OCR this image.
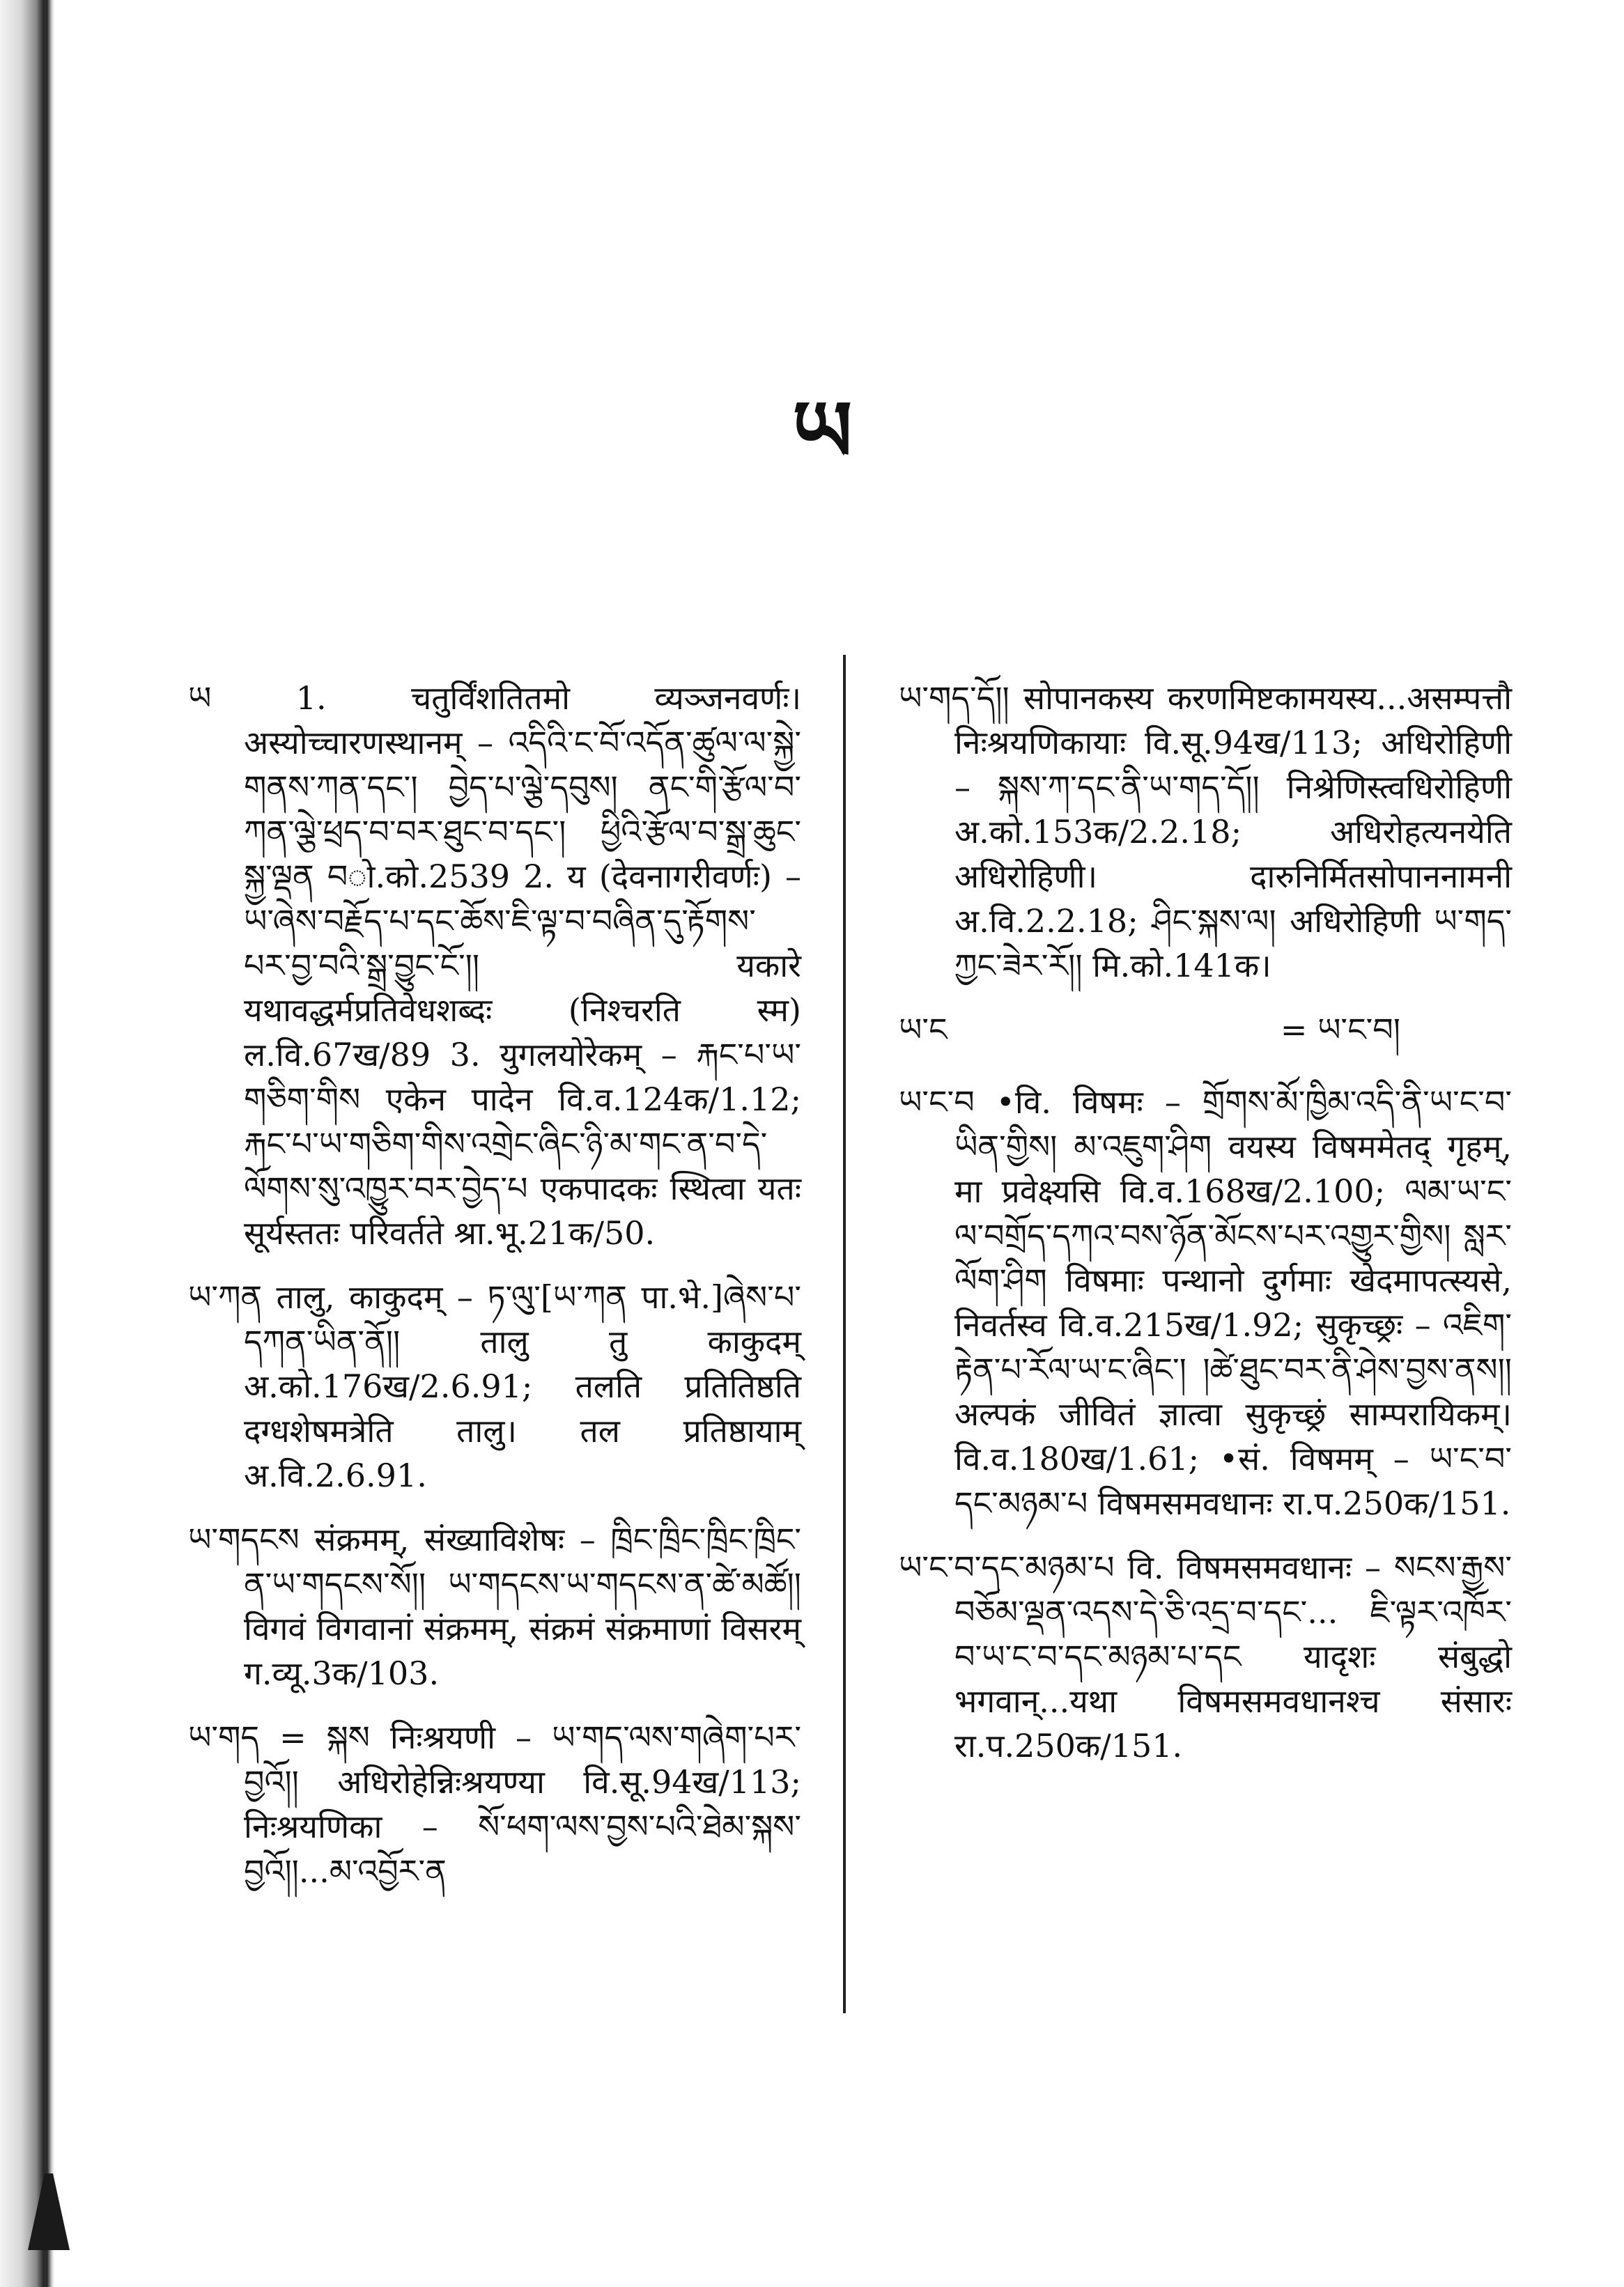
ཡ

ཡ	1. चतुर्विंशतितमो व्यञ्जनवर्णः। अस्योच्चारणस्थानम् – འདིའི་ང་བོ་འདོན་ཚུལ་ལ་སྐྱེ་གནས་ཀན་དང་། བྱེད་པ་ལྕེ་དབུས། ནང་གི་རྩོལ་བ་ཀན་ལྕེ་ཕྲད་བ་བར་ཐུང་བ་དང་། ཕྱིའི་རྩོལ་བ་སྒྲ་ཆུང་སྐྱ་ལྡན བो.को.2539 2. य (देवनागरीवर्णः) – ཡ་ཞེས་བརྗོད་པ་དང་ཆོས་ཇི་ལྟ་བ་བཞིན་དུ་རྟོགས་པར་བྱ་བའི་སྒྲ་བྱུང་ངོ་།། यकारे यथावद्धर्मप्रतिवेधशब्दः (निश्चरति स्म) ल.वि.67ख/89 3. युगलयोरेकम् – རྐང་པ་ཡ་གཅིག་གིས एकेन पादेन वि.व.124क/1.12; རྐང་པ་ཡ་གཅིག་གིས་འགྲེང་ཞིང་ཉི་མ་གང་ན་བ་དེ་ལོགས་སུ་འཁྱུར་བར་བྱེད་པ एकपादकः स्थित्वा यतः सूर्यस्ततः परिवर्तते श्रा.भू.21क/50.

ཡ་ཀན तालु, काकुदम् – ཏ་ལུ་[ཡ་ཀན पा.भे.]ཞེས་པ་དཀན་ཡིན་ནོ།། तालु तु काकुदम् अ.को.176ख/2.6.91; तलति प्रतितिष्ठति दग्धशेषमत्रेति तालु। तल प्रतिष्ठायाम् अ.वि.2.6.91.

ཡ་གདངས संक्रमम्, संख्याविशेषः – ཁྲིང་ཁྲིང་ཁྲིང་ཁྲིང་ན་ཡ་གདངས་སོ།། ཡ་གདངས་ཡ་གདངས་ན་ཚེ་མཚོ།། विगवं विगवानां संक्रमम्, संक्रमं संक्रमाणां विसरम् ग.व्यू.3क/103.

ཡ་གད = སྐས निःश्रयणी – ཡ་གད་ལས་གཞེག་པར་བྱའོ།། अधिरोहेन्निःश्रयण्या वि.सू.94ख/113; निःश्रयणिका – སོ་ཕག་ལས་བྱས་པའི་ཐེམ་སྐས་བྱའོ།།...མ་འབྱོར་ན

ཡ་གད་དོ།། सोपानकस्य करणमिष्टकामयस्य...असम्पत्तौ निःश्रयणिकायाः वि.सू.94ख/113; अधिरोहिणी – སྐས་ཀ་དང་ནི་ཡ་གད་དོ།། निश्रेणिस्त्वधिरोहिणी अ.को.153क/2.2.18; अधिरोहत्यनयेति अधिरोहिणी। दारुनिर्मितसोपाननामनी अ.वि.2.2.18; ཤིང་སྐས་ལ། अधिरोहिणी ཡ་གད་ཀྱང་ཟེར་རོ།། मि.को.141क।

ཡ་ང	= ཡ་ང་བ།

ཡ་ང་བ •वि. विषमः – གྲོགས་མོ་ཁྱིམ་འདི་ནི་ཡ་ང་བ་ཡིན་གྱིས། མ་འཇུག་ཤིག वयस्य विषममेतद् गृहम्, मा प्रवेक्ष्यसि वि.व.168ख/2.100; ལམ་ཡ་ང་ལ་བགྲོད་དཀའ་བས་ཉོན་མོངས་པར་འགྱུར་གྱིས། སླར་ལོག་ཤིག विषमाः पन्थानो दुर्गमाः खेदमापत्स्यसे, निवर्तस्व वि.व.215ख/1.92; सुकृच्छ्रः – འཇིག་རྟེན་པ་རོལ་ཡ་ང་ཞིང་། །ཚེ་ཐུང་བར་ནི་ཤེས་བྱས་ནས།། अल्पकं जीवितं ज्ञात्वा सुकृच्छ्रं साम्परायिकम्। वि.व.180ख/1.61; •सं. विषमम् – ཡ་ང་བ་དང་མཉམ་པ विषमसमवधानः रा.प.250क/151.

ཡ་ང་བ་དང་མཉམ་པ वि. विषमसमवधानः – སངས་རྒྱས་བཅོམ་ལྡན་འདས་དེ་ཅི་འདྲ་བ་དང་... ཇི་ལྟར་འཁོར་བ་ཡ་ང་བ་དང་མཉམ་པ་དང यादृशः संबुद्धो भगवान्...यथा विषमसमवधानश्च संसारः रा.प.250क/151.
